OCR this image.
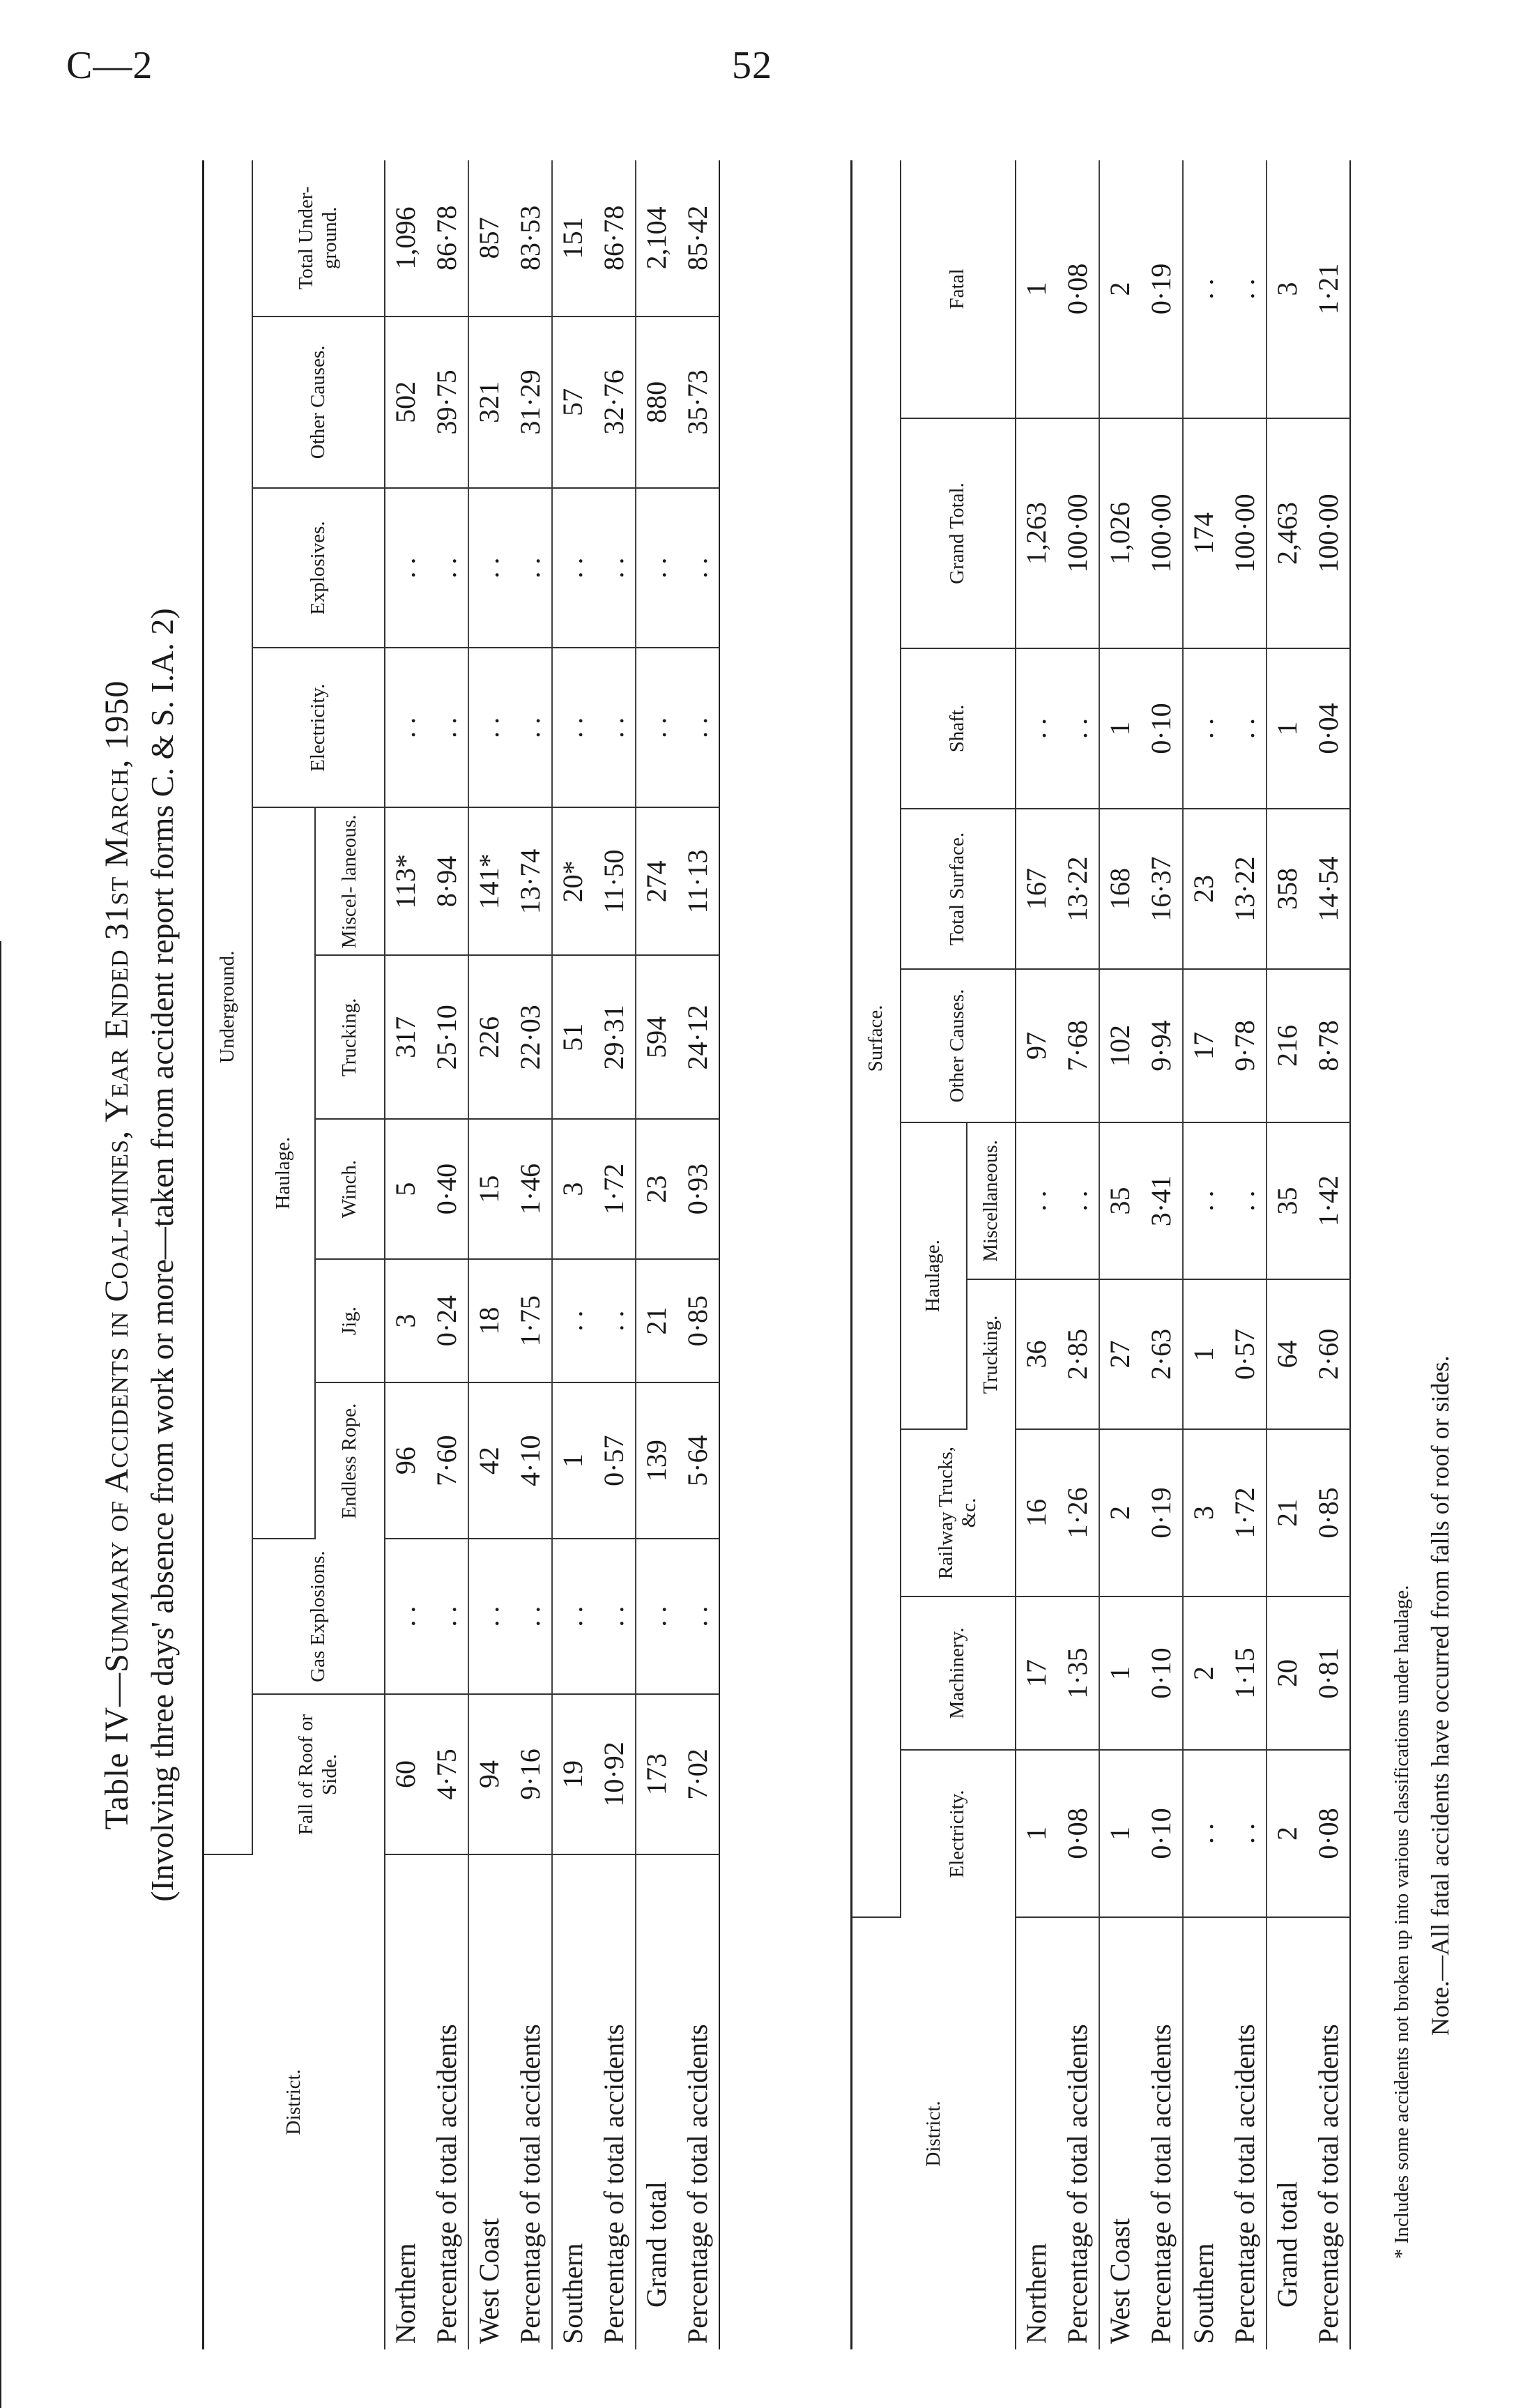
C—2	52
Table IV—Summary of Accidents in Coal-mines, Year Ended 31st March, 1950 (Involving three days' absence from work or more—taken from accident report forms C. & S. I.A. 2)
District.	Underground.										
	Fall of Roof or Side.	Gas Explosions.	Haulage.					Electricity.	Explosives.	Other Causes.	Total Under- ground.
			Endless Rope.	Jig.	Winch.	Trucking.	Miscel- laneous.				
Northern	60	. .	96	3	5	317	113*	. .	. .	502	1,096
Percentage of total accidents	4·75	. .	7·60	0·24	0·40	25·10	8·94	. .	. .	39·75	86·78
West Coast	94	. .	42	18	15	226	141*	. .	. .	321	857
Percentage of total accidents	9·16	. .	4·10	1·75	1·46	22·03	13·74	. .	. .	31·29	83·53
Southern	19	. .	1	. .	3	51	20*	. .	. .	57	151
Percentage of total accidents	10·92	. .	0·57	. .	1·72	29·31	11·50	. .	. .	32·76	86·78
Grand total	173	. .	139	21	23	594	274	. .	. .	880	2,104
Percentage of total accidents	7·02	. .	5·64	0·85	0·93	24·12	11·13	. .	. .	35·73	85·42
District.	Surface.									
	Electricity.	Machinery.	Railway Trucks, &c.	Haulage.		Other Causes.	Total Surface.	Shaft.	Grand Total.	Fatal
				Trucking.	Miscellaneous.					
Northern	1	17	16	36	. .	97	167	. .	1,263	1
Percentage of total accidents	0·08	1·35	1·26	2·85	. .	7·68	13·22	. .	100·00	0·08
West Coast	1	1	2	27	35	102	168	1	1,026	2
Percentage of total accidents	0·10	0·10	0·19	2·63	3·41	9·94	16·37	0·10	100·00	0·19
Southern	. .	2	3	1	. .	17	23	. .	174	. .
Percentage of total accidents	. .	1·15	1·72	0·57	. .	9·78	13·22	. .	100·00	. .
Grand total	2	20	21	64	35	216	358	1	2,463	3
Percentage of total accidents	0·08	0·81	0·85	2·60	1·42	8·78	14·54	0·04	100·00	1·21
* Includes some accidents not broken up into various classifications under haulage. Note.—All fatal accidents have occurred from falls of roof or sides.
